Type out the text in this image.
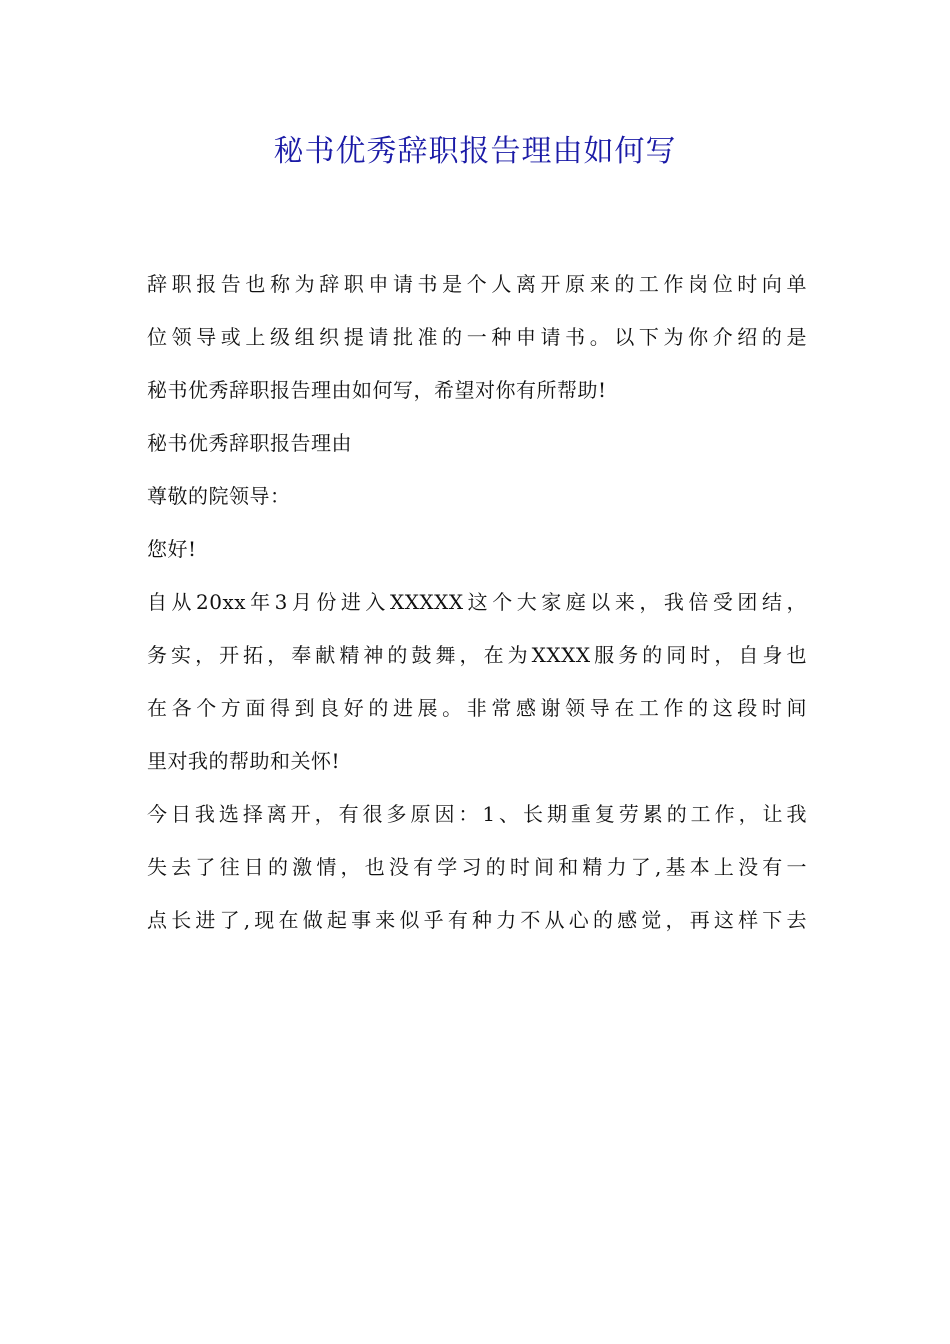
秘书优秀辞职报告理由如何写
辞职报告也称为辞职申请书是个人离开原来的工作岗位时向单
位领导或上级组织提请批准的一种申请书。以下为你介绍的是
秘书优秀辞职报告理由如何写，希望对你有所帮助!
秘书优秀辞职报告理由
尊敬的院领导：
您好!
自从20xx年3月份进入XXXXX这个大家庭以来，我倍受团结，
务实，开拓，奉献精神的鼓舞，在为XXXX服务的同时，自身也
在各个方面得到良好的进展。非常感谢领导在工作的这段时间
里对我的帮助和关怀!
今日我选择离开，有很多原因：1、长期重复劳累的工作，让我
失去了往日的激情，也没有学习的时间和精力了,基本上没有一
点长进了,现在做起事来似乎有种力不从心的感觉，再这样下去
